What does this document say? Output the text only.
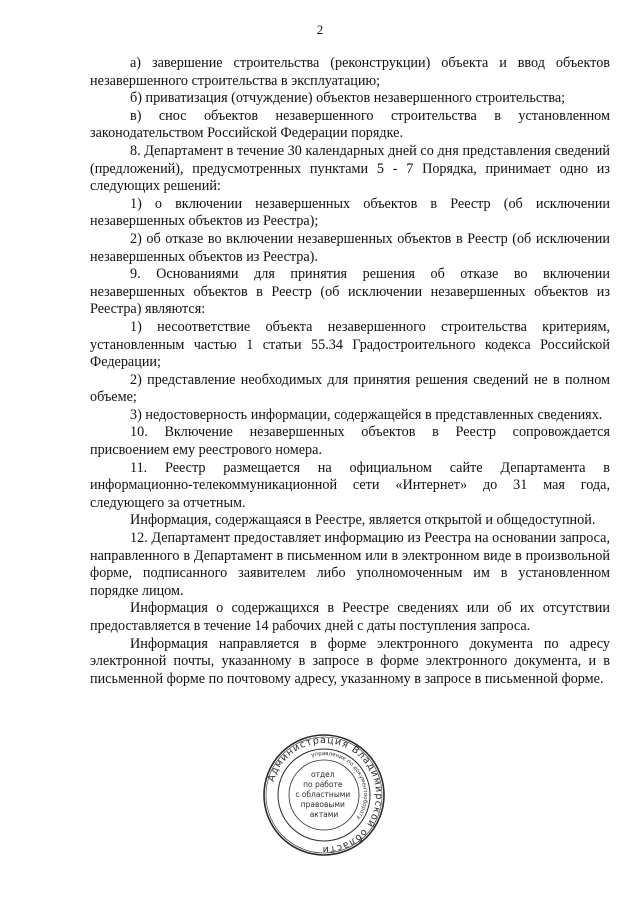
2

а) завершение строительства (реконструкции) объекта и ввод объектов незавершенного строительства в эксплуатацию;

б) приватизация (отчуждение) объектов незавершенного строительства;

в) снос объектов незавершенного строительства в установленном законодательством Российской Федерации порядке.

8. Департамент в течение 30 календарных дней со дня представления сведений (предложений), предусмотренных пунктами 5 - 7 Порядка, принимает одно из следующих решений:

1) о включении незавершенных объектов в Реестр (об исключении незавершенных объектов из Реестра);

2) об отказе во включении незавершенных объектов в Реестр (об исключении незавершенных объектов из Реестра).

9. Основаниями для принятия решения об отказе во включении незавершенных объектов в Реестр (об исключении незавершенных объектов из Реестра) являются:

1) несоответствие объекта незавершенного строительства критериям, установленным частью 1 статьи 55.34 Градостроительного кодекса Российской Федерации;

2) представление необходимых для принятия решения сведений не в полном объеме;

3) недостоверность информации, содержащейся в представленных сведениях.

10. Включение незавершенных объектов в Реестр сопровождается присвоением ему реестрового номера.

11. Реестр размещается на официальном сайте Департамента в информационно-телекоммуникационной сети «Интернет» до 31 мая года, следующего за отчетным.

Информация, содержащаяся в Реестре, является открытой и общедоступной.

12. Департамент предоставляет информацию из Реестра на основании запроса, направленного в Департамент в письменном или в электронном виде в произвольной форме, подписанного заявителем либо уполномоченным им в установленном порядке лицом.

Информация о содержащихся в Реестре сведениях или об их отсутствии предоставляется в течение 14 рабочих дней с даты поступления запроса.

Информация направляется в форме электронного документа по адресу электронной почты, указанному в запросе в форме электронного документа, и в письменной форме по почтовому адресу, указанному в запросе в письменной форме.

Администрация Владимирской области
управление по документообороту
отдел по работе с областными правовыми актами
